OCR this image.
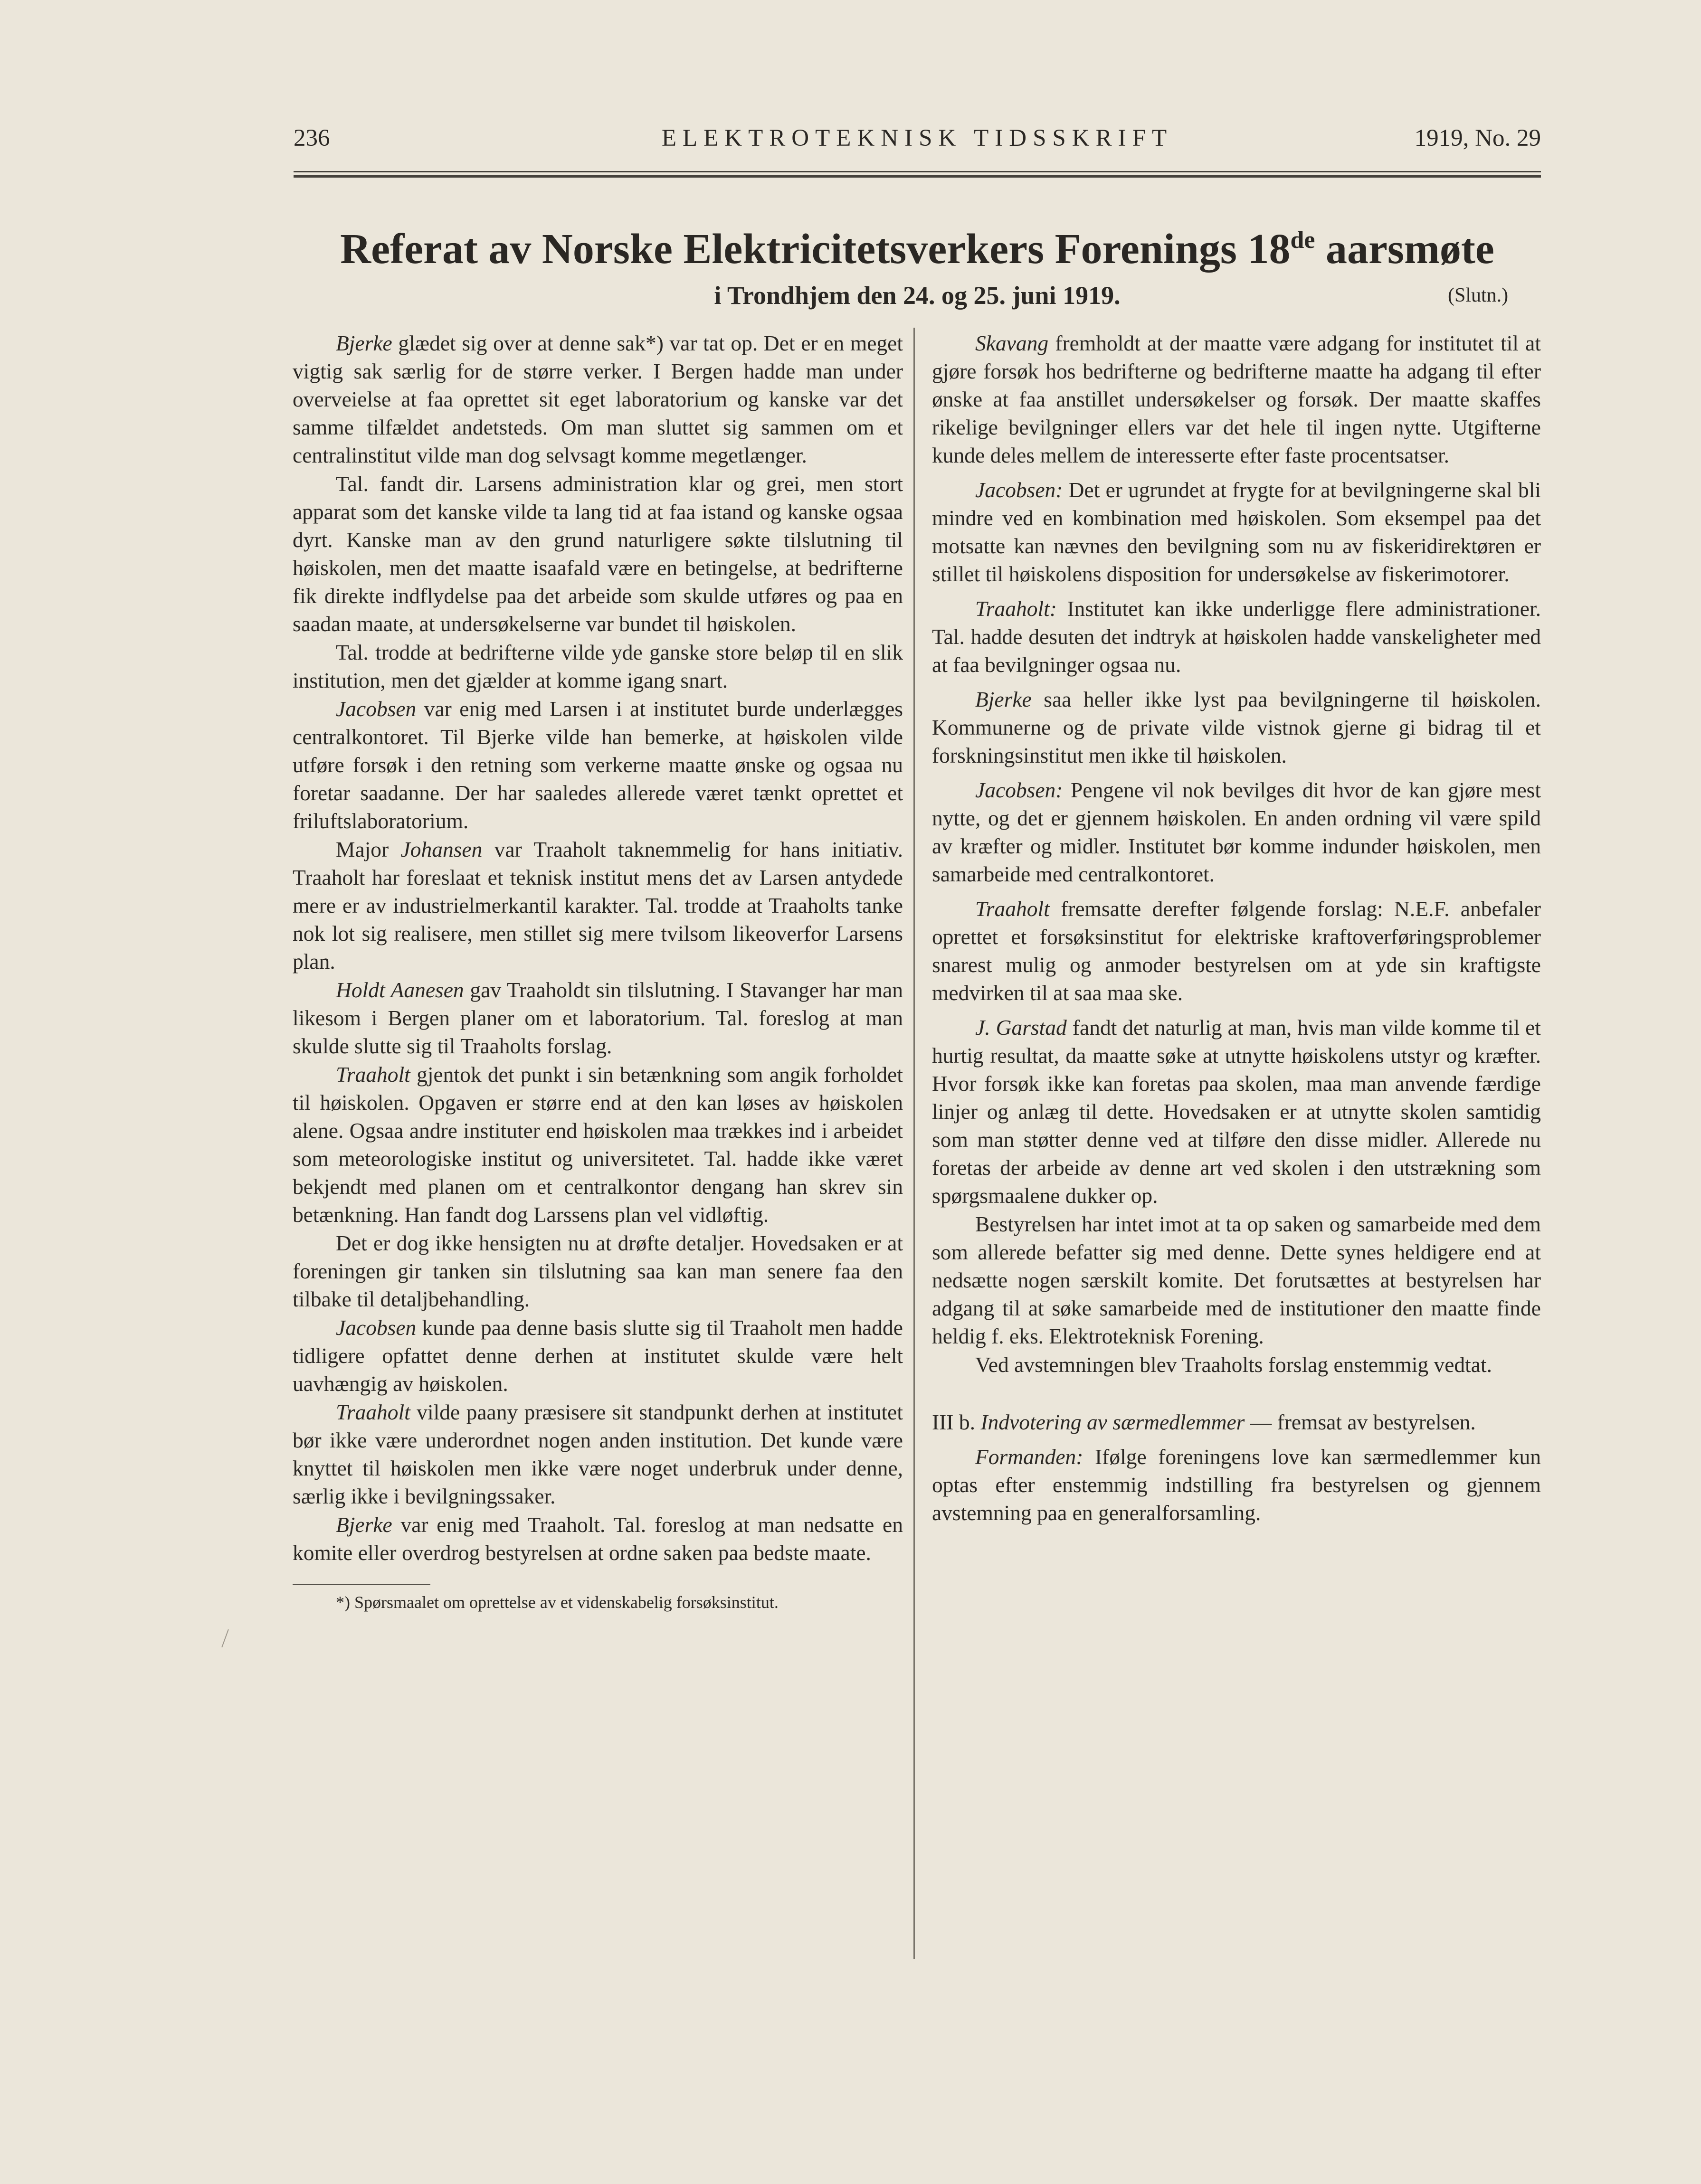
236	ELEKTROTEKNISK TIDSSKRIFT	1919, No. 29
Referat av Norske Elektricitetsverkers Forenings 18de aarsmøte
i Trondhjem den 24. og 25. juni 1919.	(Slutn.)

Bjerke glædet sig over at denne sak*) var tat op. Det er en meget vigtig sak særlig for de større verker. I Bergen hadde man under overveielse at faa oprettet sit eget laboratorium og kanske var det samme tilfældet andetsteds. Om man sluttet sig sammen om et centralinstitut vilde man dog selvsagt komme megetlænger.

Tal. fandt dir. Larsens administration klar og grei, men stort apparat som det kanske vilde ta lang tid at faa istand og kanske ogsaa dyrt. Kanske man av den grund naturligere søkte tilslutning til høiskolen, men det maatte isaafald være en betingelse, at bedrifterne fik direkte indflydelse paa det arbeide som skulde utføres og paa en saadan maate, at undersøkelserne var bundet til høiskolen.

Tal. trodde at bedrifterne vilde yde ganske store beløp til en slik institution, men det gjælder at komme igang snart.

Jacobsen var enig med Larsen i at institutet burde underlægges centralkontoret. Til Bjerke vilde han bemerke, at høiskolen vilde utføre forsøk i den retning som verkerne maatte ønske og ogsaa nu foretar saadanne. Der har saaledes allerede været tænkt oprettet et friluftslaboratorium.

Major Johansen var Traaholt taknemmelig for hans initiativ. Traaholt har foreslaat et teknisk institut mens det av Larsen antydede mere er av industrielmerkantil karakter. Tal. trodde at Traaholts tanke nok lot sig realisere, men stillet sig mere tvilsom likeoverfor Larsens plan.

Holdt Aanesen gav Traaholdt sin tilslutning. I Stavanger har man likesom i Bergen planer om et laboratorium. Tal. foreslog at man skulde slutte sig til Traaholts forslag.

Traaholt gjentok det punkt i sin betænkning som angik forholdet til høiskolen. Opgaven er større end at den kan løses av høiskolen alene. Ogsaa andre instituter end høiskolen maa trækkes ind i arbeidet som meteorologiske institut og universitetet. Tal. hadde ikke været bekjendt med planen om et centralkontor dengang han skrev sin betænkning. Han fandt dog Larssens plan vel vidløftig.

Det er dog ikke hensigten nu at drøfte detaljer. Hovedsaken er at foreningen gir tanken sin tilslutning saa kan man senere faa den tilbake til detaljbehandling.

Jacobsen kunde paa denne basis slutte sig til Traaholt men hadde tidligere opfattet denne derhen at institutet skulde være helt uavhængig av høiskolen.

Traaholt vilde paany præsisere sit standpunkt derhen at institutet bør ikke være underordnet nogen anden institution. Det kunde være knyttet til høiskolen men ikke være noget underbruk under denne, særlig ikke i bevilgningssaker.

Bjerke var enig med Traaholt. Tal. foreslog at man nedsatte en komite eller overdrog bestyrelsen at ordne saken paa bedste maate.

*) Spørsmaalet om oprettelse av et videnskabelig forsøksinstitut.

Skavang fremholdt at der maatte være adgang for institutet til at gjøre forsøk hos bedrifterne og bedrifterne maatte ha adgang til efter ønske at faa anstillet undersøkelser og forsøk. Der maatte skaffes rikelige bevilgninger ellers var det hele til ingen nytte. Utgifterne kunde deles mellem de interesserte efter faste procentsatser.

Jacobsen: Det er ugrundet at frygte for at bevilgningerne skal bli mindre ved en kombination med høiskolen. Som eksempel paa det motsatte kan nævnes den bevilgning som nu av fiskeridirektøren er stillet til høiskolens disposition for undersøkelse av fiskerimotorer.

Traaholt: Institutet kan ikke underligge flere administrationer. Tal. hadde desuten det indtryk at høiskolen hadde vanskeligheter med at faa bevilgninger ogsaa nu.

Bjerke saa heller ikke lyst paa bevilgningerne til høiskolen. Kommunerne og de private vilde vistnok gjerne gi bidrag til et forskningsinstitut men ikke til høiskolen.

Jacobsen: Pengene vil nok bevilges dit hvor de kan gjøre mest nytte, og det er gjennem høiskolen. En anden ordning vil være spild av kræfter og midler. Institutet bør komme indunder høiskolen, men samarbeide med centralkontoret.

Traaholt fremsatte derefter følgende forslag: N.E.F. anbefaler oprettet et forsøksinstitut for elektriske kraftoverføringsproblemer snarest mulig og anmoder bestyrelsen om at yde sin kraftigste medvirken til at saa maa ske.

J. Garstad fandt det naturlig at man, hvis man vilde komme til et hurtig resultat, da maatte søke at utnytte høiskolens utstyr og kræfter. Hvor forsøk ikke kan foretas paa skolen, maa man anvende færdige linjer og anlæg til dette. Hovedsaken er at utnytte skolen samtidig som man støtter denne ved at tilføre den disse midler. Allerede nu foretas der arbeide av denne art ved skolen i den utstrækning som spørgsmaalene dukker op.

Bestyrelsen har intet imot at ta op saken og samarbeide med dem som allerede befatter sig med denne. Dette synes heldigere end at nedsætte nogen særskilt komite. Det forutsættes at bestyrelsen har adgang til at søke samarbeide med de institutioner den maatte finde heldig f. eks. Elektroteknisk Forening.

Ved avstemningen blev Traaholts forslag enstemmig vedtat.

III b. Indvotering av særmedlemmer — fremsat av bestyrelsen.

Formanden: Ifølge foreningens love kan særmedlemmer kun optas efter enstemmig indstilling fra bestyrelsen og gjennem avstemning paa en generalforsamling.
